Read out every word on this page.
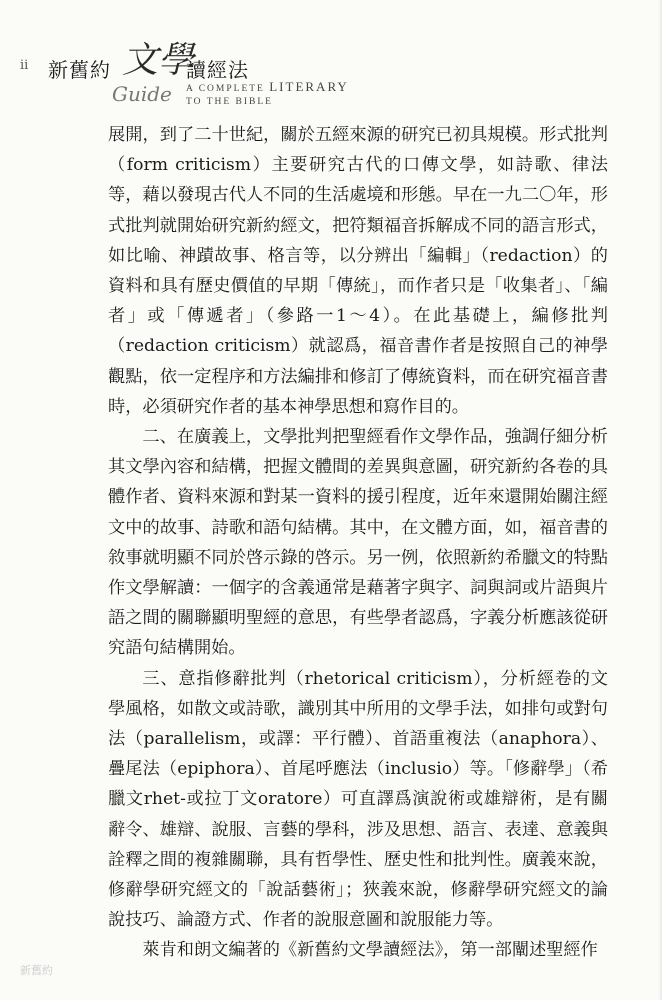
ii 新舊約 文學
讀經法
Guide A COMPLETE LITERARY
TO THE BIBLE

展開，到了二十世紀，關於五經來源的研究已初具規模。形式批判（form criticism）主要研究古代的口傳文學，如詩歌、律法等，藉以發現古代人不同的生活處境和形態。早在一九二〇年，形式批判就開始研究新約經文，把符類福音拆解成不同的語言形式，如比喻、神蹟故事、格言等，以分辨出「編輯」（redaction）的資料和具有歷史價值的早期「傳統」，而作者只是「收集者」、「編者」或「傳遞者」（參路一1～4）。在此基礎上，編修批判（redaction criticism）就認爲，福音書作者是按照自己的神學觀點，依一定程序和方法編排和修訂了傳統資料，而在研究福音書時，必須研究作者的基本神學思想和寫作目的。

二、在廣義上，文學批判把聖經看作文學作品，強調仔細分析其文學內容和結構，把握文體間的差異與意圖，研究新約各卷的具體作者、資料來源和對某一資料的援引程度，近年來還開始關注經文中的故事、詩歌和語句結構。其中，在文體方面，如，福音書的敘事就明顯不同於啓示錄的啓示。另一例，依照新約希臘文的特點作文學解讀：一個字的含義通常是藉著字與字、詞與詞或片語與片語之間的關聯顯明聖經的意思，有些學者認爲，字義分析應該從研究語句結構開始。

三、意指修辭批判（rhetorical criticism），分析經卷的文學風格，如散文或詩歌，識別其中所用的文學手法，如排句或對句法（parallelism，或譯：平行體）、首語重複法（anaphora）、疊尾法（epiphora）、首尾呼應法（inclusio）等。「修辭學」（希臘文rhet-或拉丁文oratore）可直譯爲演說術或雄辯術，是有關辭令、雄辯、說服、言藝的學科，涉及思想、語言、表達、意義與詮釋之間的複雜關聯，具有哲學性、歷史性和批判性。廣義來說，修辭學研究經文的「說話藝術」；狹義來說，修辭學研究經文的論說技巧、論證方式、作者的說服意圖和說服能力等。

萊肯和朗文編著的《新舊約文學讀經法》，第一部闡述聖經作

新舊約
